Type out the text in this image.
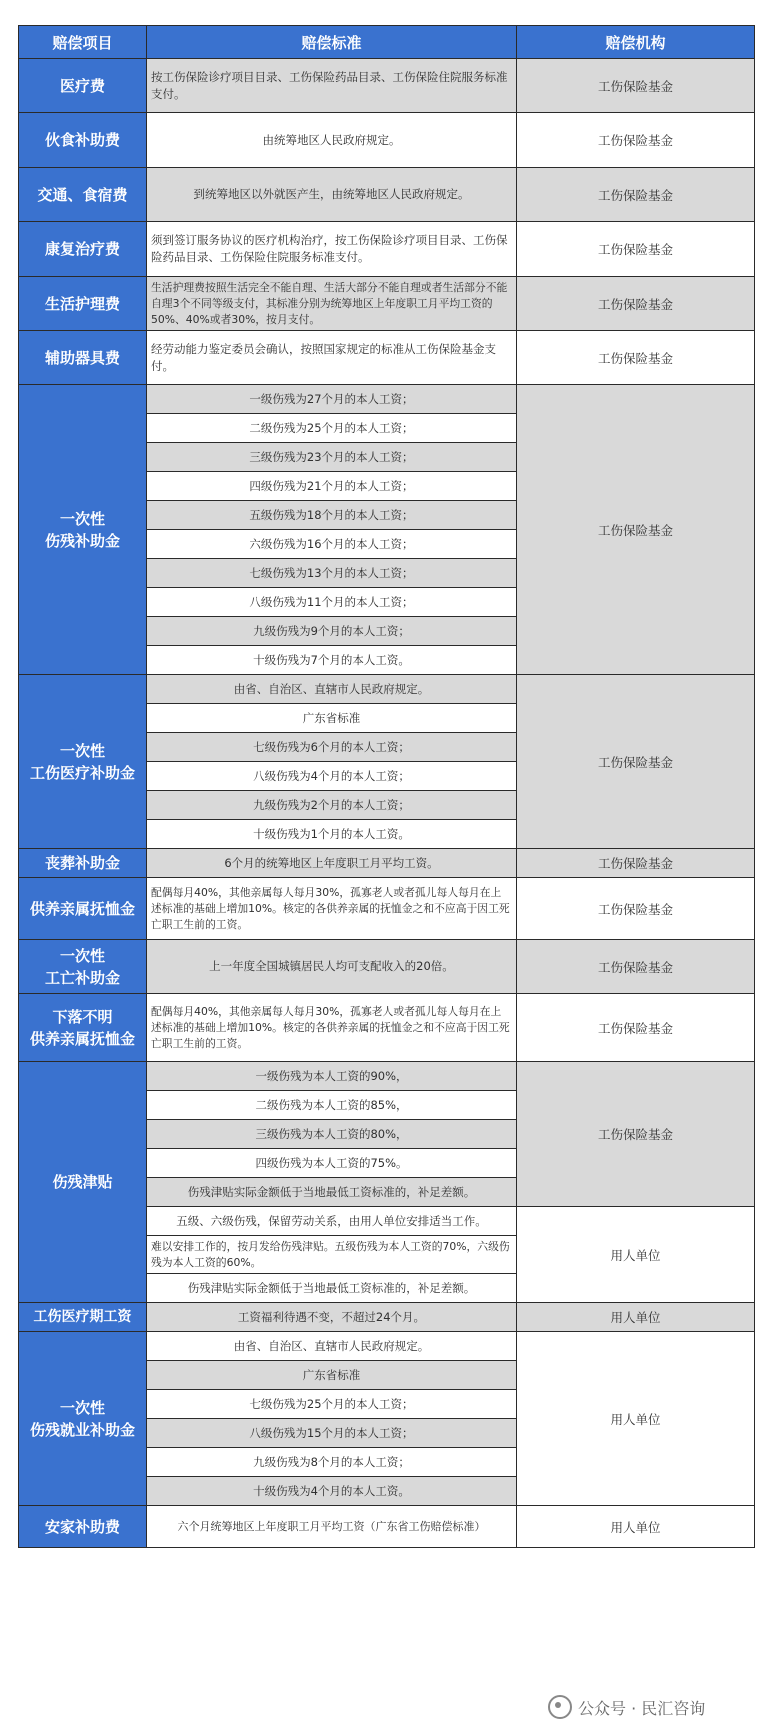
赔偿项目	赔偿标准	赔偿机构
医疗费	按工伤保险诊疗项目目录、工伤保险药品目录、工伤保险住院服务标准支付。	工伤保险基金
伙食补助费	由统筹地区人民政府规定。	工伤保险基金
交通、食宿费	到统筹地区以外就医产生，由统筹地区人民政府规定。	工伤保险基金
康复治疗费	须到签订服务协议的医疗机构治疗，按工伤保险诊疗项目目录、工伤保险药品目录、工伤保险住院服务标准支付。	工伤保险基金
生活护理费	生活护理费按照生活完全不能自理、生活大部分不能自理或者生活部分不能自理3个不同等级支付，其标准分别为统筹地区上年度职工月平均工资的50%、40%或者30%，按月支付。	工伤保险基金
辅助器具费	经劳动能力鉴定委员会确认，按照国家规定的标准从工伤保险基金支付。	工伤保险基金
一次性
伤残补助金	一级伤残为27个月的本人工资；	工伤保险基金
	二级伤残为25个月的本人工资；	
	三级伤残为23个月的本人工资；	
	四级伤残为21个月的本人工资；	
	五级伤残为18个月的本人工资；	
	六级伤残为16个月的本人工资；	
	七级伤残为13个月的本人工资；	
	八级伤残为11个月的本人工资；	
	九级伤残为9个月的本人工资；	
	十级伤残为7个月的本人工资。	
一次性
工伤医疗补助金	由省、自治区、直辖市人民政府规定。	工伤保险基金
	广东省标准	
	七级伤残为6个月的本人工资；	
	八级伤残为4个月的本人工资；	
	九级伤残为2个月的本人工资；	
	十级伤残为1个月的本人工资。	
丧葬补助金	6个月的统筹地区上年度职工月平均工资。	工伤保险基金
供养亲属抚恤金	配偶每月40%，其他亲属每人每月30%，孤寡老人或者孤儿每人每月在上述标准的基础上增加10%。核定的各供养亲属的抚恤金之和不应高于因工死亡职工生前的工资。	工伤保险基金
一次性
工亡补助金	上一年度全国城镇居民人均可支配收入的20倍。	工伤保险基金
下落不明
供养亲属抚恤金	配偶每月40%，其他亲属每人每月30%，孤寡老人或者孤儿每人每月在上述标准的基础上增加10%。核定的各供养亲属的抚恤金之和不应高于因工死亡职工生前的工资。	工伤保险基金
伤残津贴	一级伤残为本人工资的90%，	工伤保险基金
	二级伤残为本人工资的85%，	
	三级伤残为本人工资的80%，	
	四级伤残为本人工资的75%。	
	伤残津贴实际金额低于当地最低工资标准的，补足差额。	
	五级、六级伤残，保留劳动关系，由用人单位安排适当工作。	用人单位
	难以安排工作的，按月发给伤残津贴。五级伤残为本人工资的70%，六级伤残为本人工资的60%。	
	伤残津贴实际金额低于当地最低工资标准的，补足差额。	
工伤医疗期工资	工资福利待遇不变，不超过24个月。	用人单位
一次性
伤残就业补助金	由省、自治区、直辖市人民政府规定。	用人单位
	广东省标准	
	七级伤残为25个月的本人工资；	
	八级伤残为15个月的本人工资；	
	九级伤残为8个月的本人工资；	
	十级伤残为4个月的本人工资。	
安家补助费	六个月统筹地区上年度职工月平均工资（广东省工伤赔偿标准）	用人单位
公众号 · 民汇咨询
